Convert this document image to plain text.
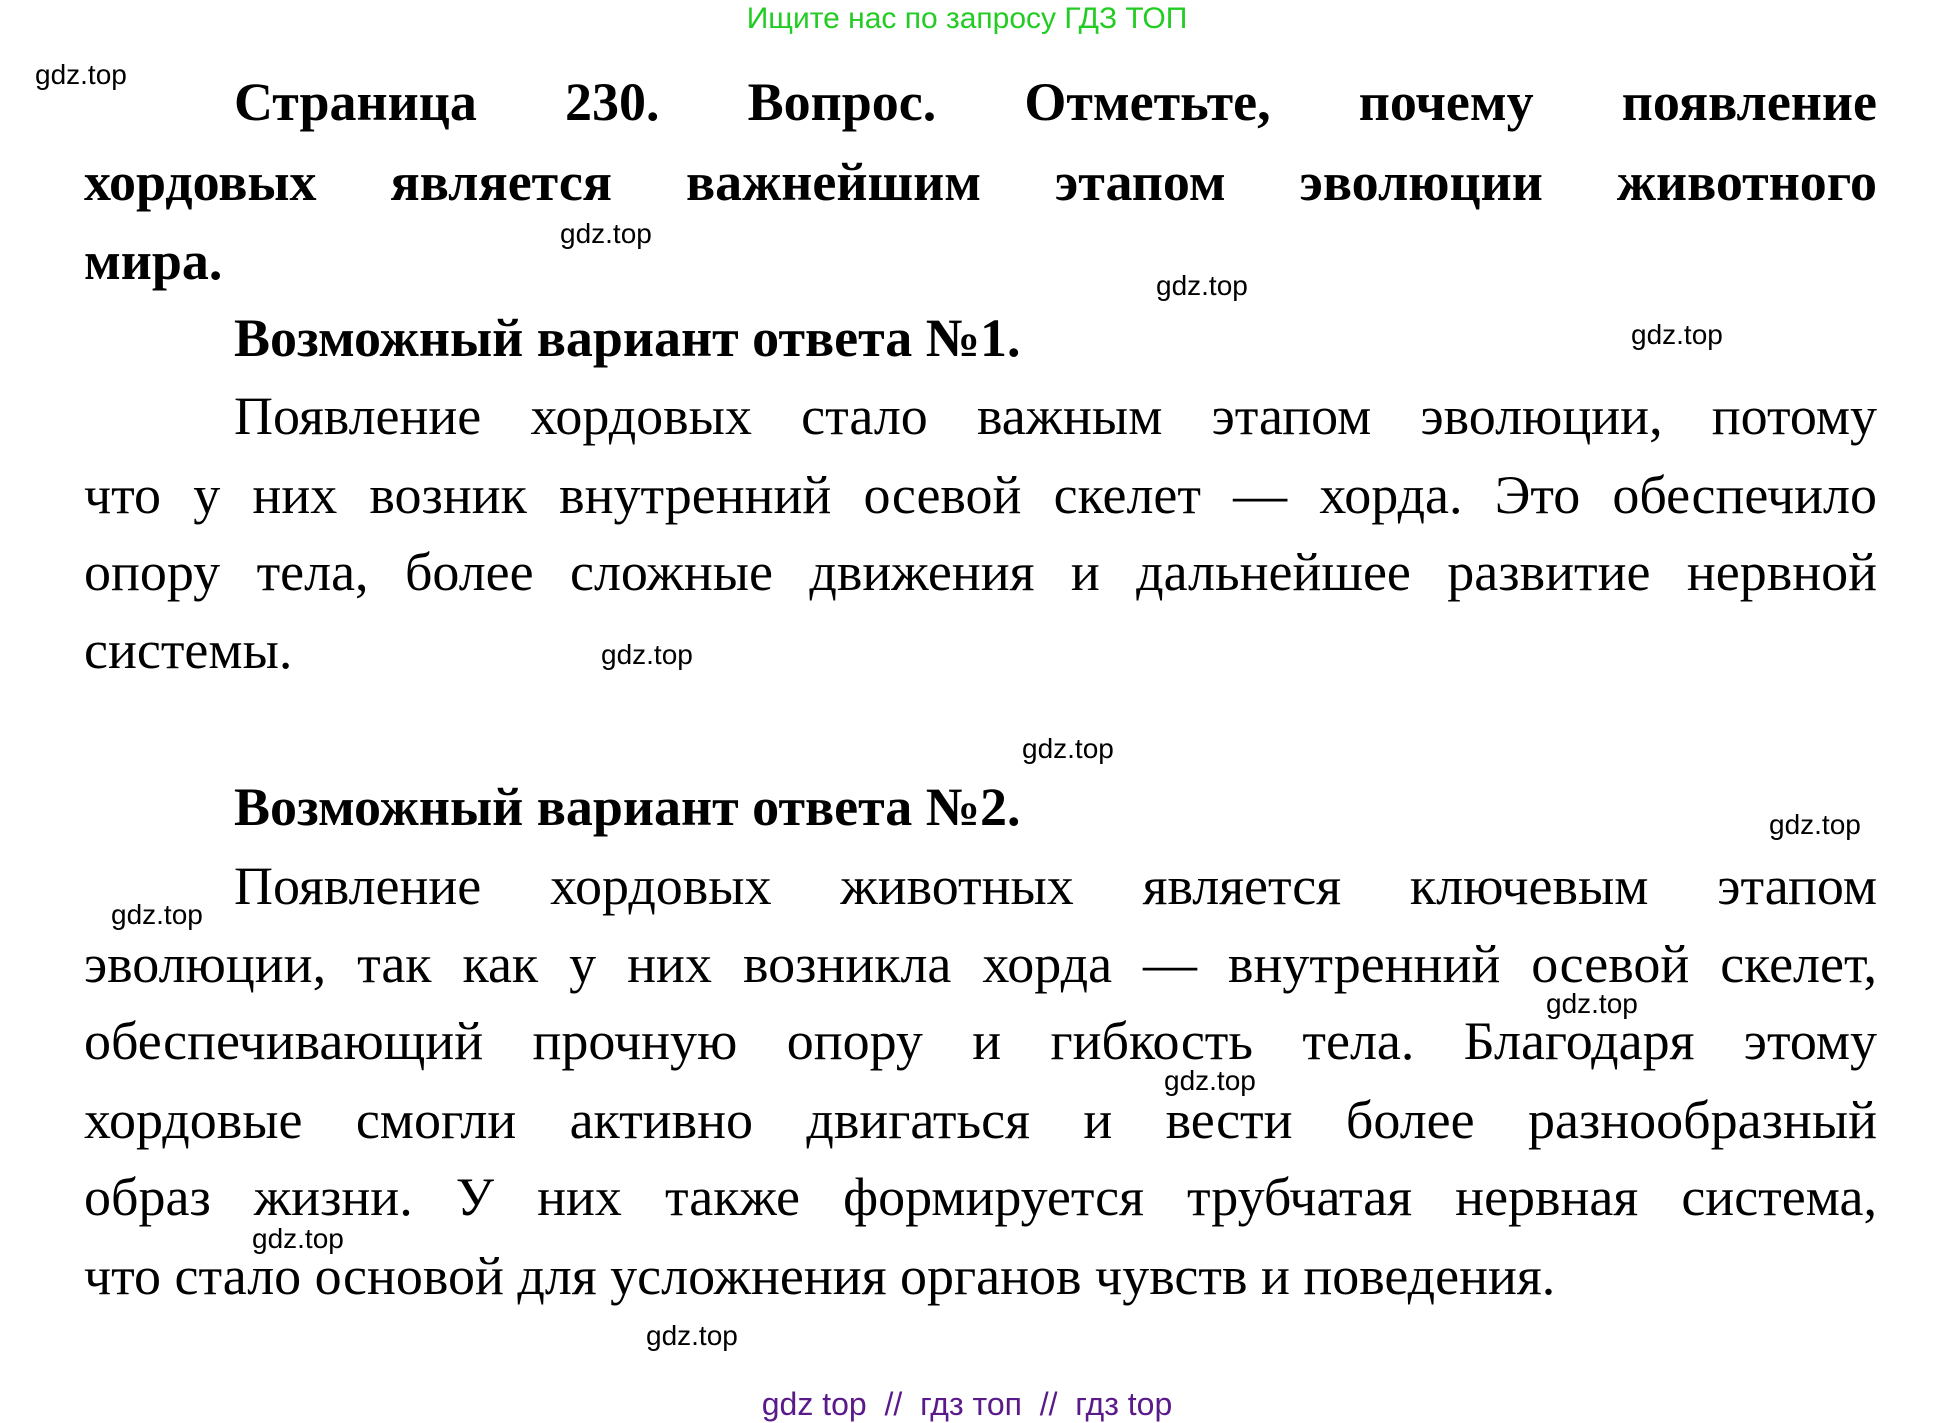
Ищите нас по запросу ГДЗ ТОП
Страница 230. Вопрос. Отметьте, почему появление
хордовых является важнейшим этапом эволюции животного
мира.
Возможный вариант ответа №1.
Появление хордовых стало важным этапом эволюции, потому
что у них возник внутренний осевой скелет — хорда. Это обеспечило
опору тела, более сложные движения и дальнейшее развитие нервной
системы.
Возможный вариант ответа №2.
Появление хордовых животных является ключевым этапом
эволюции, так как у них возникла хорда — внутренний осевой скелет,
обеспечивающий прочную опору и гибкость тела. Благодаря этому
хордовые смогли активно двигаться и вести более разнообразный
образ жизни. У них также формируется трубчатая нервная система,
что стало основой для усложнения органов чувств и поведения.
gdz.top
gdz.top
gdz.top
gdz.top
gdz.top
gdz.top
gdz.top
gdz.top
gdz.top
gdz.top
gdz.top
gdz.top
gdz top  //  гдз топ  //  гдз top
